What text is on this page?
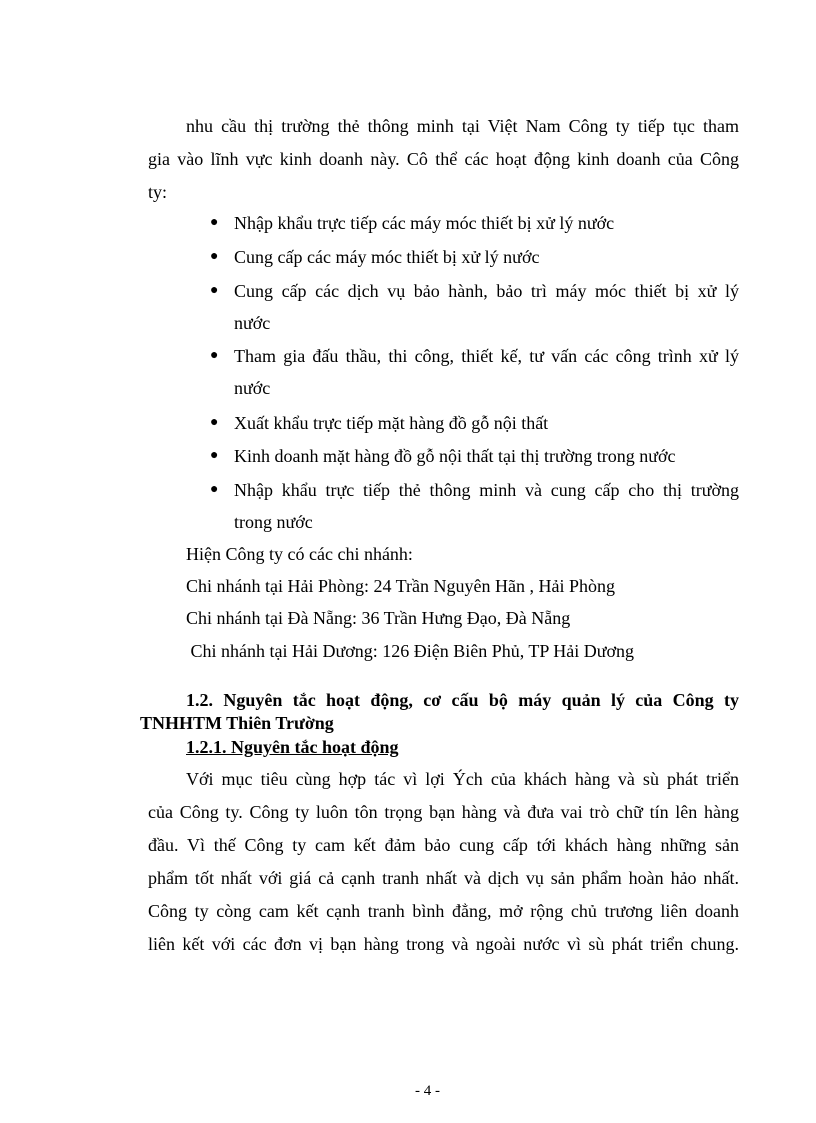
nhu cầu thị trường thẻ thông minh tại Việt Nam Công ty tiếp tục tham
gia vào lĩnh vực kinh doanh này. Cô thể các hoạt động kinh doanh của Công
ty:
● Nhập khẩu trực tiếp các máy móc thiết bị xử lý nước
● Cung cấp các máy móc thiết bị xử lý nước
● Cung cấp các dịch vụ bảo hành, bảo trì máy móc thiết bị xử lý
nước
● Tham gia đấu thầu, thi công, thiết kế, tư vấn các công trình xử lý
nước
● Xuất khẩu trực tiếp mặt hàng đồ gỗ nội thất
● Kinh doanh mặt hàng đồ gỗ nội thất tại thị trường trong nước
● Nhập khẩu trực tiếp thẻ thông minh và cung cấp cho thị trường
trong nước
Hiện Công ty có các chi nhánh:
Chi nhánh tại Hải Phòng: 24 Trần Nguyên Hãn , Hải Phòng
Chi nhánh tại Đà Nẵng: 36 Trần Hưng Đạo, Đà Nẵng
Chi nhánh tại Hải Dương: 126 Điện Biên Phủ, TP Hải Dương
1.2. Nguyên tắc hoạt động, cơ cấu bộ máy quản lý của Công ty
TNHHTM Thiên Trường
1.2.1. Nguyên tắc hoạt động
Với mục tiêu cùng hợp tác vì lợi Ých của khách hàng và sù phát triển
của Công ty. Công ty luôn tôn trọng bạn hàng và đưa vai trò chữ tín lên hàng
đầu. Vì thế Công ty cam kết đảm bảo cung cấp tới khách hàng những sản
phẩm tốt nhất với giá cả cạnh tranh nhất và dịch vụ sản phẩm hoàn hảo nhất.
Công ty còng cam kết cạnh tranh bình đẳng, mở rộng chủ trương liên doanh
liên kết với các đơn vị bạn hàng trong và ngoài nước vì sù phát triển chung.
- 4 -
